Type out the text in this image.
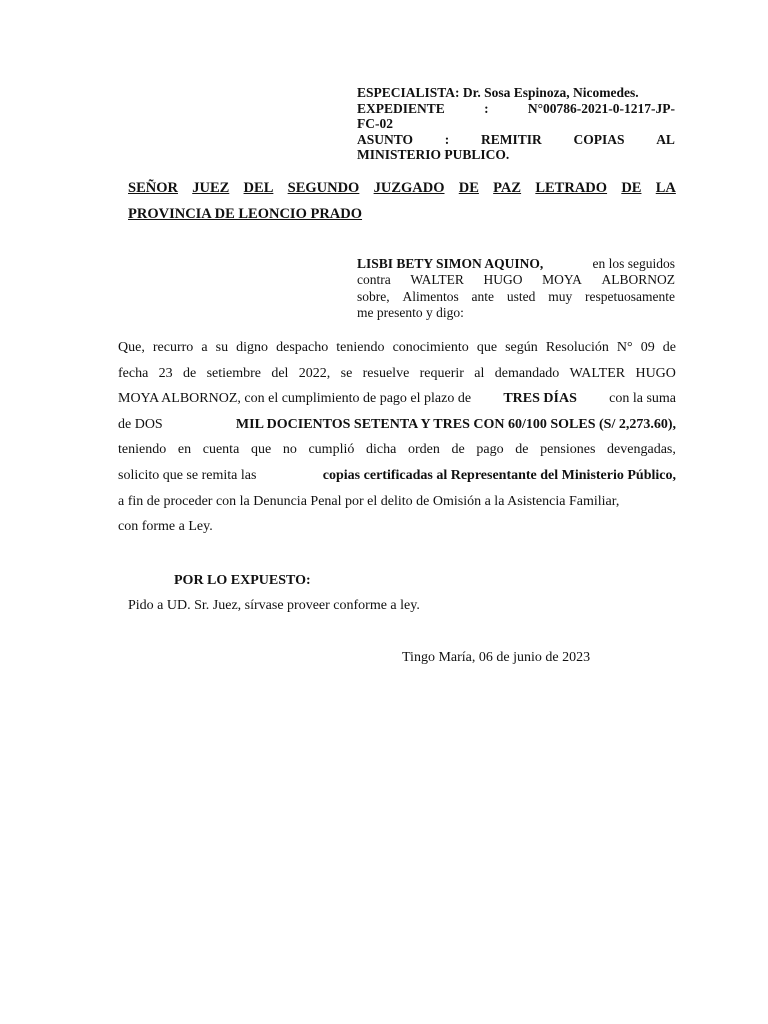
ESPECIALISTA: Dr. Sosa Espinoza, Nicomedes.
EXPEDIENTE	:	N°00786-2021-0-1217-JP-
FC-02
ASUNTO : REMITIR COPIAS AL
MINISTERIO PUBLICO.
SEÑOR JUEZ DEL SEGUNDO JUZGADO DE PAZ LETRADO DE LA
PROVINCIA DE LEONCIO PRADO
LISBI BETY SIMON AQUINO,	en los seguidos
contra WALTER HUGO MOYA ALBORNOZ
sobre, Alimentos ante usted muy respetuosamente
me presento y digo:
Que, recurro a su digno despacho teniendo conocimiento que según Resolución N° 09 de
fecha 23 de setiembre del 2022, se resuelve requerir al demandado WALTER HUGO
MOYA ALBORNOZ, con el cumplimiento de pago el plazo de TRES DÍAS con la suma
de DOS	MIL DOCIENTOS SETENTA Y TRES CON 60/100 SOLES (S/ 2,273.60),
teniendo en cuenta que no cumplió dicha orden de pago de pensiones devengadas,
solicito que se remita las	copias certificadas al Representante del Ministerio Público,
a fin de proceder con la Denuncia Penal por el delito de Omisión a la Asistencia Familiar,
con forme a Ley.
POR LO EXPUESTO:
Pido a UD. Sr. Juez, sírvase proveer conforme a ley.
Tingo María, 06 de junio de 2023
